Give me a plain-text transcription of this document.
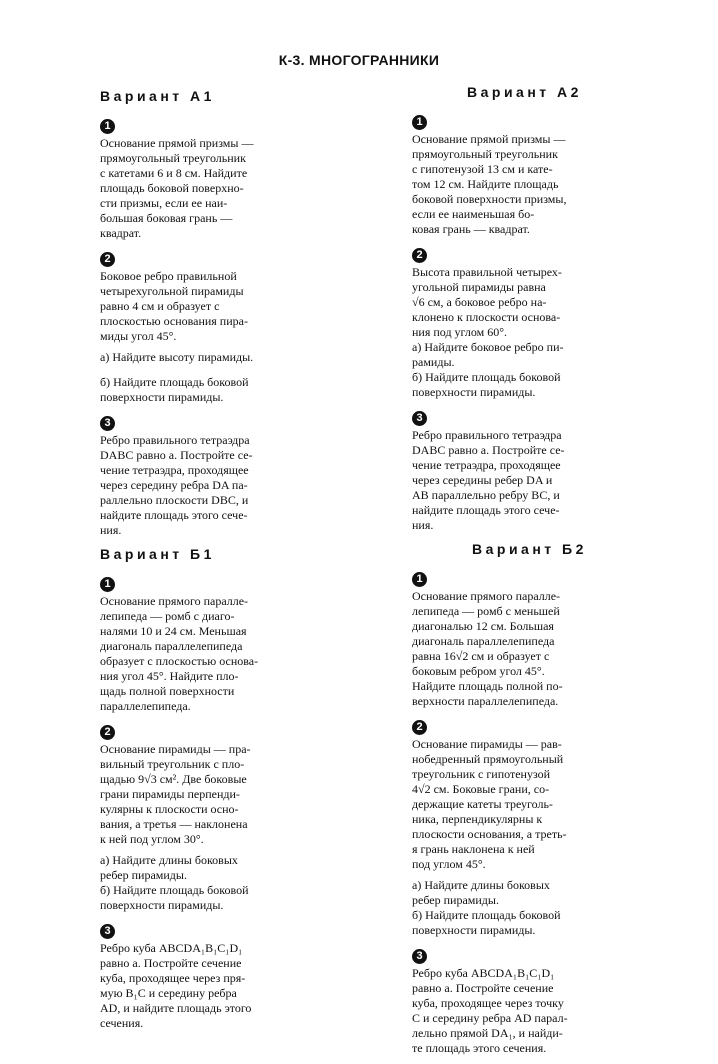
К-3. МНОГОГРАННИКИ
Вариант А1
1

Основание прямой призмы —
прямоугольный треугольник
с катетами 6 и 8 см. Найдите
площадь боковой поверхно-
сти призмы, если ее наи-
большая боковая грань —
квадрат.

2

Боковое ребро правильной
четырехугольной пирамиды
равно 4 см и образует с
плоскостью основания пира-
миды угол 45°.

а) Найдите высоту пирамиды.

б) Найдите площадь боковой
поверхности пирамиды.

3

Ребро правильного тетраэдра
DABC равно a. Постройте се-
чение тетраэдра, проходящее
через середину ребра DA па-
раллельно плоскости DBC, и
найдите площадь этого сече-
ния.

Вариант Б1
1

Основание прямого паралле-
лепипеда — ромб с диаго-
налями 10 и 24 см. Меньшая
диагональ параллелепипеда
образует с плоскостью основа-
ния угол 45°. Найдите пло-
щадь полной поверхности
параллелепипеда.

2

Основание пирамиды — пра-
вильный треугольник с пло-
щадью 9√3 см². Две боковые
грани пирамиды перпенди-
кулярны к плоскости осно-
вания, а третья — наклонена
к ней под углом 30°.

а) Найдите длины боковых
ребер пирамиды.

б) Найдите площадь боковой
поверхности пирамиды.

3

Ребро куба ABCDA₁B₁C₁D₁
равно a. Постройте сечение
куба, проходящее через пря-
мую B₁C и середину ребра
AD, и найдите площадь этого
сечения.

Вариант А2
1

Основание прямой призмы —
прямоугольный треугольник
с гипотенузой 13 см и кате-
том 12 см. Найдите площадь
боковой поверхности призмы,
если ее наименьшая бо-
ковая грань — квадрат.

2

Высота правильной четырех-
угольной пирамиды равна
√6 см, а боковое ребро на-
клонено к плоскости основа-
ния под углом 60°.

а) Найдите боковое ребро пи-
рамиды.

б) Найдите площадь боковой
поверхности пирамиды.

3

Ребро правильного тетраэдра
DABC равно a. Постройте се-
чение тетраэдра, проходящее
через середины ребер DA и
AB параллельно ребру BC, и
найдите площадь этого сече-
ния.

Вариант Б2
1

Основание прямого паралле-
лепипеда — ромб с меньшей
диагональю 12 см. Большая
диагональ параллелепипеда
равна 16√2 см и образует с
боковым ребром угол 45°.
Найдите площадь полной по-
верхности параллелепипеда.

2

Основание пирамиды — рав-
нобедренный прямоугольный
треугольник с гипотенузой
4√2 см. Боковые грани, со-
держащие катеты треуголь-
ника, перпендикулярны к
плоскости основания, а треть-
я грань наклонена к ней
под углом 45°.

а) Найдите длины боковых
ребер пирамиды.

б) Найдите площадь боковой
поверхности пирамиды.

3

Ребро куба ABCDA₁B₁C₁D₁
равно a. Постройте сечение
куба, проходящее через точку
C и середину ребра AD парал-
лельно прямой DA₁, и найди-
те площадь этого сечения.
